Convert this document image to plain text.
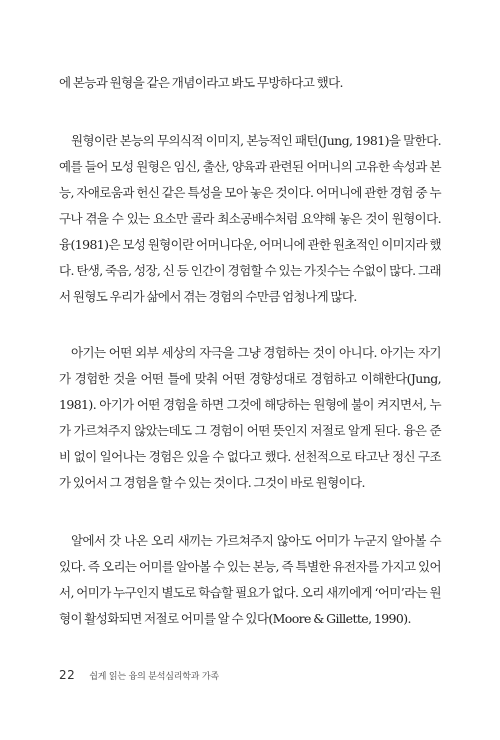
에 본능과 원형을 같은 개념이라고 봐도 무방하다고 했다.

원형이란 본능의 무의식적 이미지, 본능적인 패턴(Jung, 1981)을 말한다. 예를 들어 모성 원형은 임신, 출산, 양육과 관련된 어머니의 고유한 속성과 본능, 자애로움과 헌신 같은 특성을 모아 놓은 것이다. 어머니에 관한 경험 중 누구나 겪을 수 있는 요소만 골라 최소공배수처럼 요약해 놓은 것이 원형이다. 융(1981)은 모성 원형이란 어머니다운, 어머니에 관한 원초적인 이미지라 했다. 탄생, 죽음, 성장, 신 등 인간이 경험할 수 있는 가짓수는 수없이 많다. 그래서 원형도 우리가 삶에서 겪는 경험의 수만큼 엄청나게 많다.

아기는 어떤 외부 세상의 자극을 그냥 경험하는 것이 아니다. 아기는 자기가 경험한 것을 어떤 틀에 맞춰 어떤 경향성대로 경험하고 이해한다(Jung, 1981). 아기가 어떤 경험을 하면 그것에 해당하는 원형에 불이 켜지면서, 누가 가르쳐주지 않았는데도 그 경험이 어떤 뜻인지 저절로 알게 된다. 융은 준비 없이 일어나는 경험은 있을 수 없다고 했다. 선천적으로 타고난 정신 구조가 있어서 그 경험을 할 수 있는 것이다. 그것이 바로 원형이다.

알에서 갓 나온 오리 새끼는 가르쳐주지 않아도 어미가 누군지 알아볼 수 있다. 즉 오리는 어미를 알아볼 수 있는 본능, 즉 특별한 유전자를 가지고 있어서, 어미가 누구인지 별도로 학습할 필요가 없다. 오리 새끼에게 ‘어미’라는 원형이 활성화되면 저절로 어미를 알 수 있다(Moore & Gillette, 1990).

22 쉽게 읽는 융의 분석심리학과 가족
